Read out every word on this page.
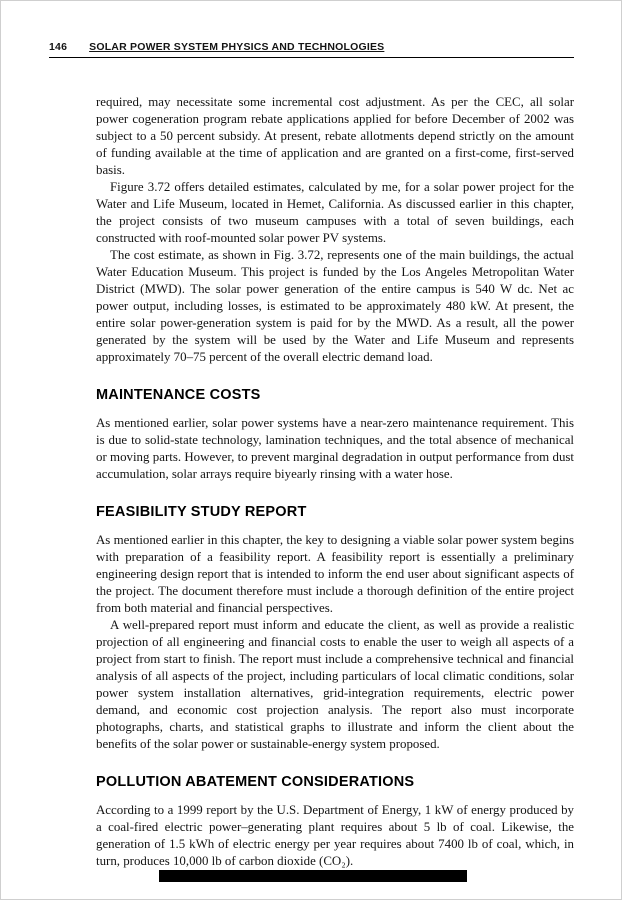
146 SOLAR POWER SYSTEM PHYSICS AND TECHNOLOGIES

required, may necessitate some incremental cost adjustment. As per the CEC, all solar power cogeneration program rebate applications applied for before December of 2002 was subject to a 50 percent subsidy. At present, rebate allotments depend strictly on the amount of funding available at the time of application and are granted on a first-come, first-served basis.

Figure 3.72 offers detailed estimates, calculated by me, for a solar power project for the Water and Life Museum, located in Hemet, California. As discussed earlier in this chapter, the project consists of two museum campuses with a total of seven buildings, each constructed with roof-mounted solar power PV systems.

The cost estimate, as shown in Fig. 3.72, represents one of the main buildings, the actual Water Education Museum. This project is funded by the Los Angeles Metropolitan Water District (MWD). The solar power generation of the entire campus is 540 W dc. Net ac power output, including losses, is estimated to be approximately 480 kW. At present, the entire solar power-generation system is paid for by the MWD. As a result, all the power generated by the system will be used by the Water and Life Museum and represents approximately 70–75 percent of the overall electric demand load.

MAINTENANCE COSTS

As mentioned earlier, solar power systems have a near-zero maintenance requirement. This is due to solid-state technology, lamination techniques, and the total absence of mechanical or moving parts. However, to prevent marginal degradation in output performance from dust accumulation, solar arrays require biyearly rinsing with a water hose.

FEASIBILITY STUDY REPORT

As mentioned earlier in this chapter, the key to designing a viable solar power system begins with preparation of a feasibility report. A feasibility report is essentially a preliminary engineering design report that is intended to inform the end user about significant aspects of the project. The document therefore must include a thorough definition of the entire project from both material and financial perspectives.

A well-prepared report must inform and educate the client, as well as provide a realistic projection of all engineering and financial costs to enable the user to weigh all aspects of a project from start to finish. The report must include a comprehensive technical and financial analysis of all aspects of the project, including particulars of local climatic conditions, solar power system installation alternatives, grid-integration requirements, electric power demand, and economic cost projection analysis. The report also must incorporate photographs, charts, and statistical graphs to illustrate and inform the client about the benefits of the solar power or sustainable-energy system proposed.

POLLUTION ABATEMENT CONSIDERATIONS

According to a 1999 report by the U.S. Department of Energy, 1 kW of energy produced by a coal-fired electric power–generating plant requires about 5 lb of coal. Likewise, the generation of 1.5 kWh of electric energy per year requires about 7400 lb of coal, which, in turn, produces 10,000 lb of carbon dioxide (CO₂).
